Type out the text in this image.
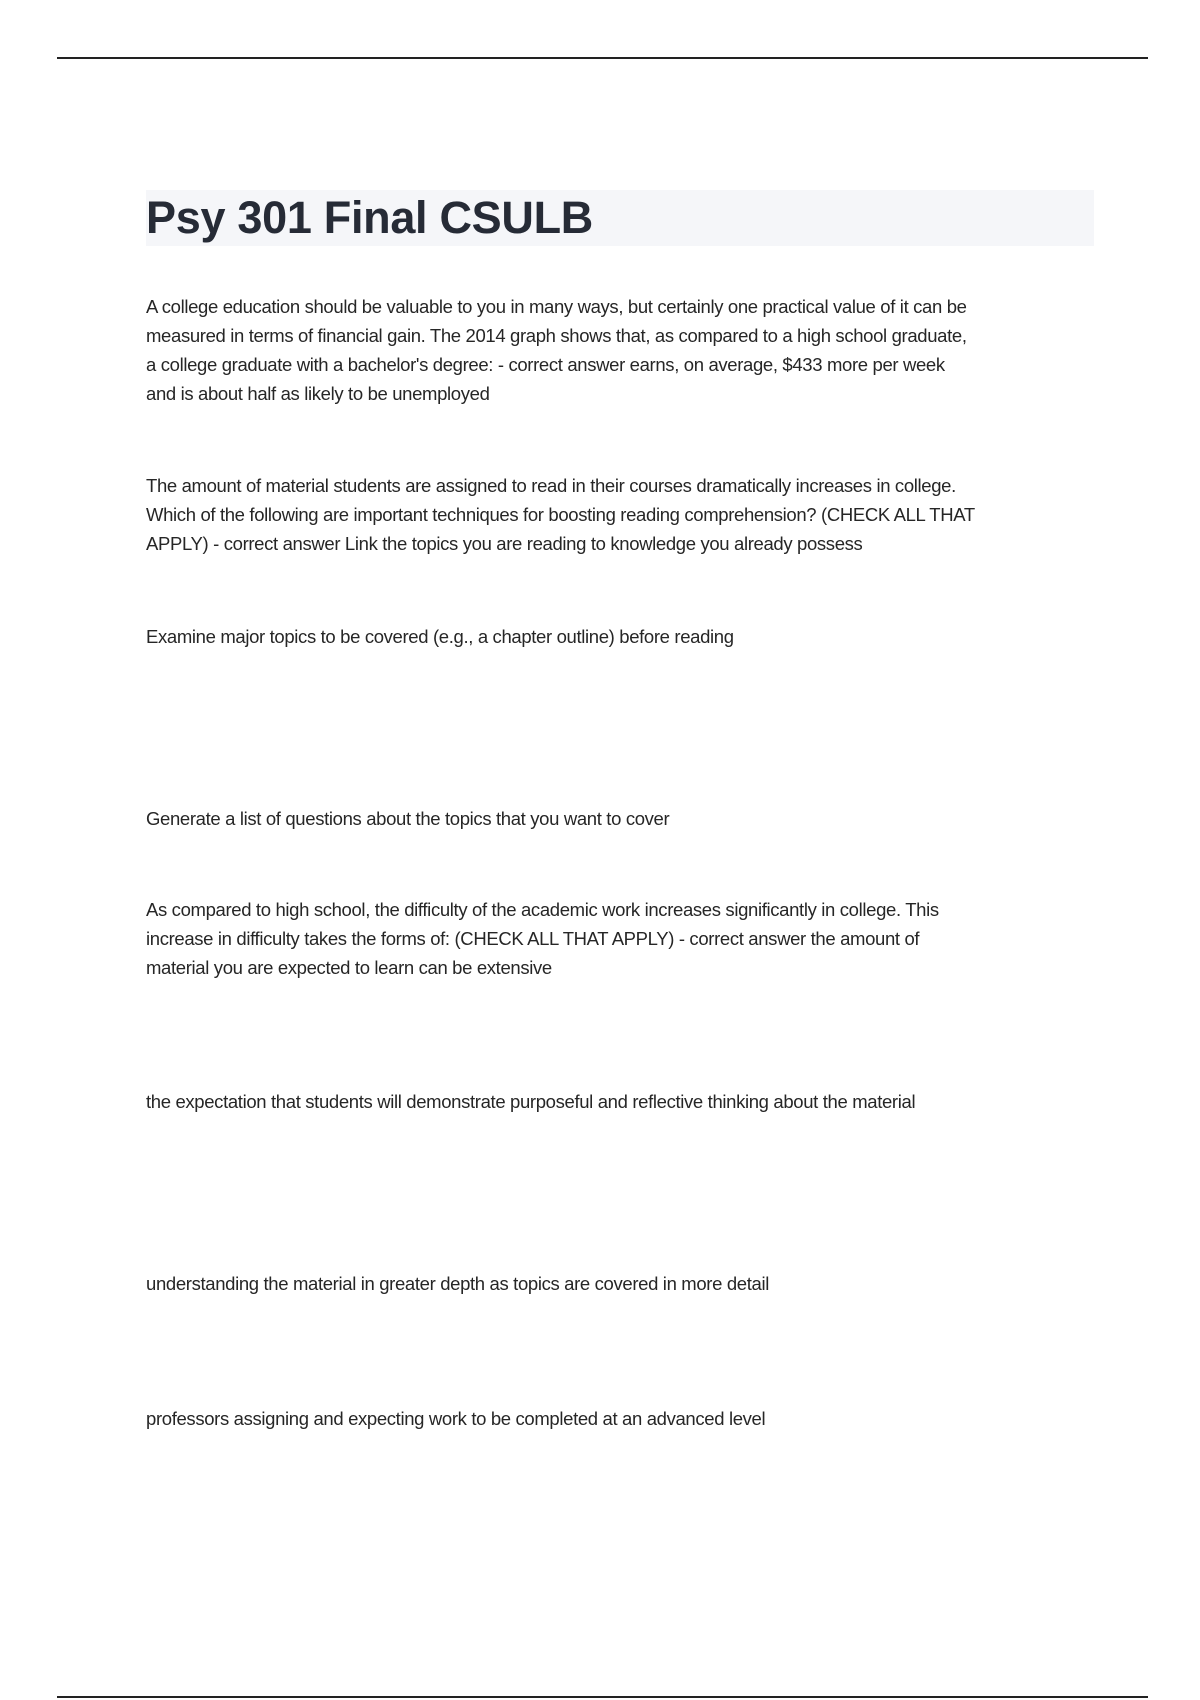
Psy 301 Final CSULB
A college education should be valuable to you in many ways, but certainly one practical value of it can be
measured in terms of financial gain. The 2014 graph shows that, as compared to a high school graduate,
a college graduate with a bachelor's degree: - correct answer earns, on average, $433 more per week
and is about half as likely to be unemployed
The amount of material students are assigned to read in their courses dramatically increases in college.
Which of the following are important techniques for boosting reading comprehension? (CHECK ALL THAT
APPLY) - correct answer Link the topics you are reading to knowledge you already possess
Examine major topics to be covered (e.g., a chapter outline) before reading
Generate a list of questions about the topics that you want to cover
As compared to high school, the difficulty of the academic work increases significantly in college. This
increase in difficulty takes the forms of: (CHECK ALL THAT APPLY) - correct answer the amount of
material you are expected to learn can be extensive
the expectation that students will demonstrate purposeful and reflective thinking about the material
understanding the material in greater depth as topics are covered in more detail
professors assigning and expecting work to be completed at an advanced level
